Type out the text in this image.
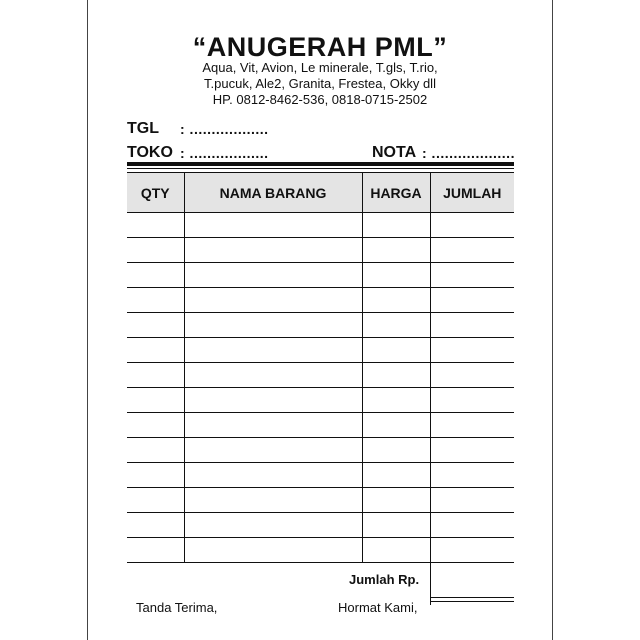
“ANUGERAH PML”
Aqua, Vit, Avion, Le minerale, T.gls, T.rio,
T.pucuk, Ale2, Granita, Frestea, Okky dll
HP. 0812-8462-536, 0818-0715-2502
TGL : ..................
TOKO : ..................	NOTA : ...................
QTY	NAMA BARANG	HARGA	JUMLAH

Jumlah Rp.
Tanda Terima,	Hormat Kami,
